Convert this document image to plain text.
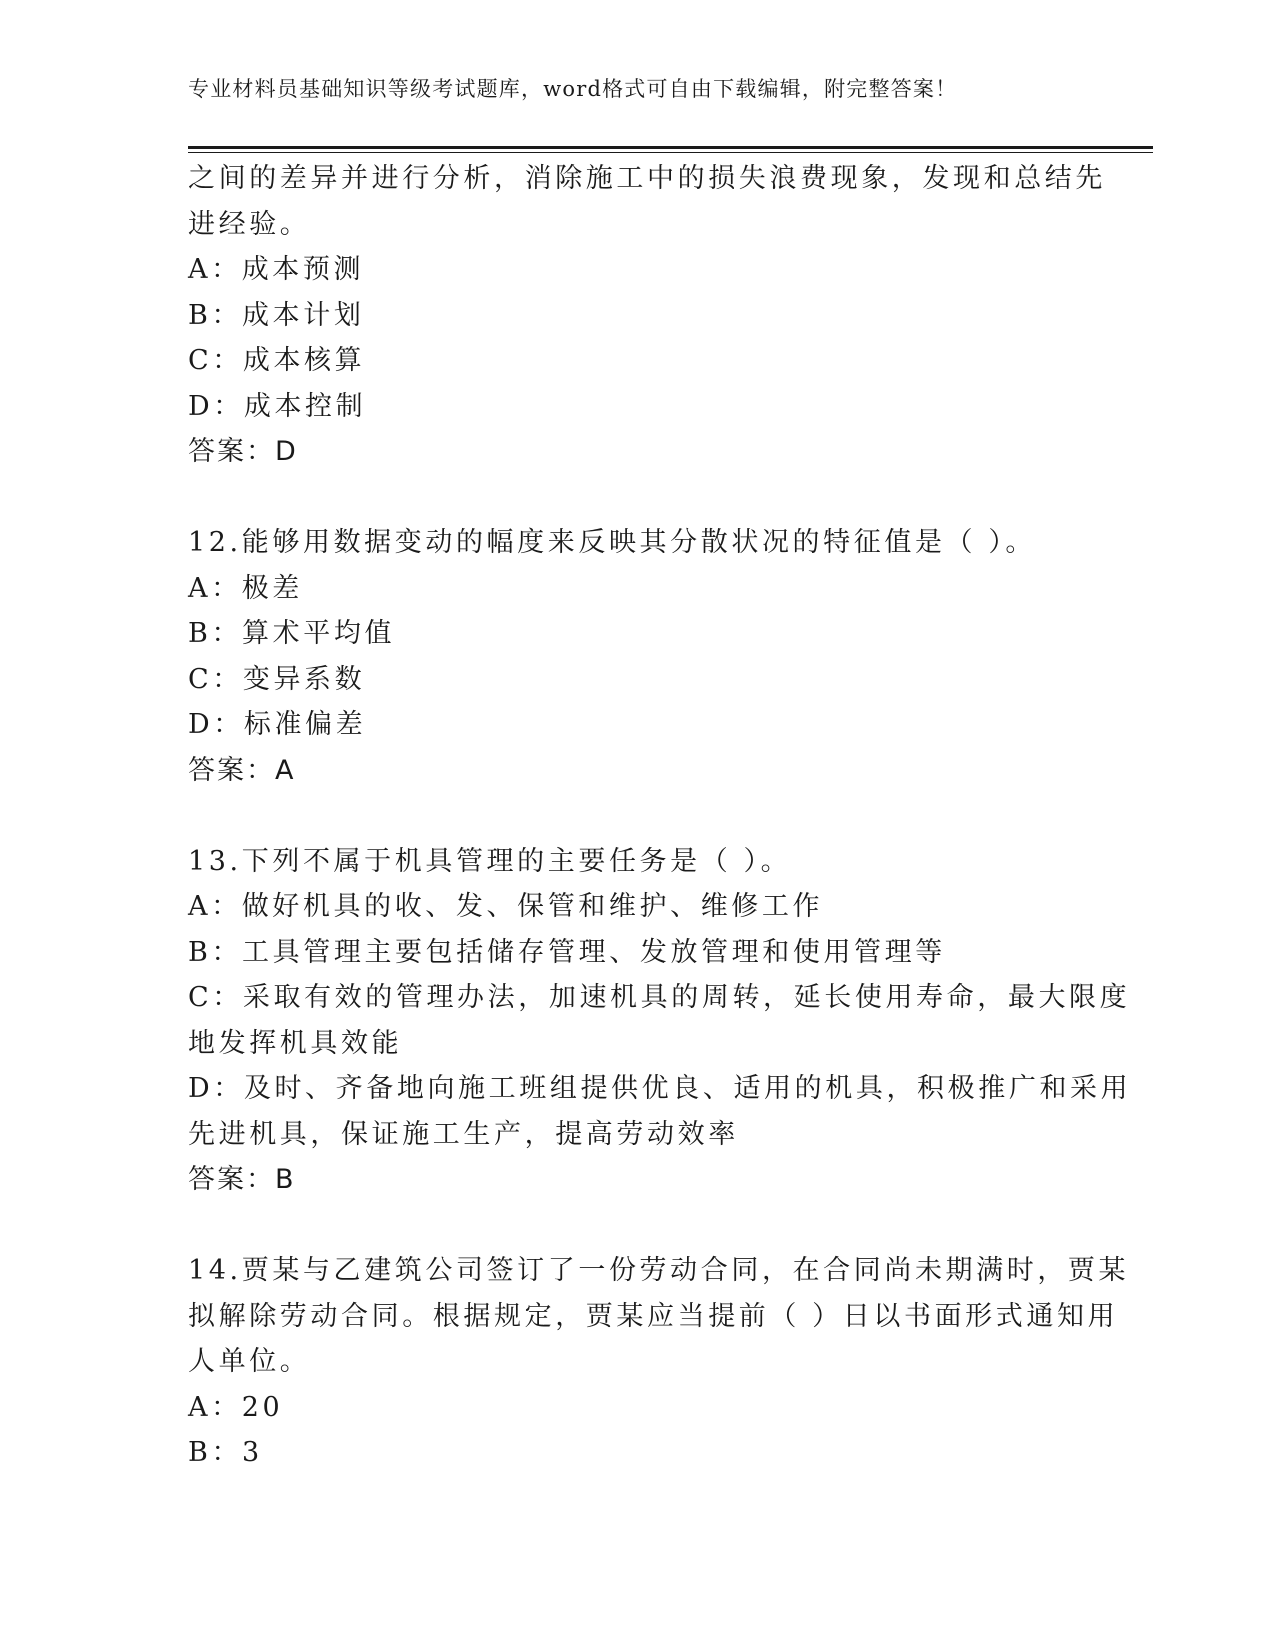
专业材料员基础知识等级考试题库，word格式可自由下载编辑，附完整答案！
之间的差异并进行分析，消除施工中的损失浪费现象，发现和总结先
进经验。
A：成本预测
B：成本计划
C：成本核算
D：成本控制
答案：D
12.能够用数据变动的幅度来反映其分散状况的特征值是（ ）。
A：极差
B：算术平均值
C：变异系数
D：标准偏差
答案：A
13.下列不属于机具管理的主要任务是（ ）。
A：做好机具的收、发、保管和维护、维修工作
B：工具管理主要包括储存管理、发放管理和使用管理等
C：采取有效的管理办法，加速机具的周转，延长使用寿命，最大限度
地发挥机具效能
D：及时、齐备地向施工班组提供优良、适用的机具，积极推广和采用
先进机具，保证施工生产，提高劳动效率
答案：B
14.贾某与乙建筑公司签订了一份劳动合同，在合同尚未期满时，贾某
拟解除劳动合同。根据规定，贾某应当提前（ ）日以书面形式通知用
人单位。
A：20
B：3
